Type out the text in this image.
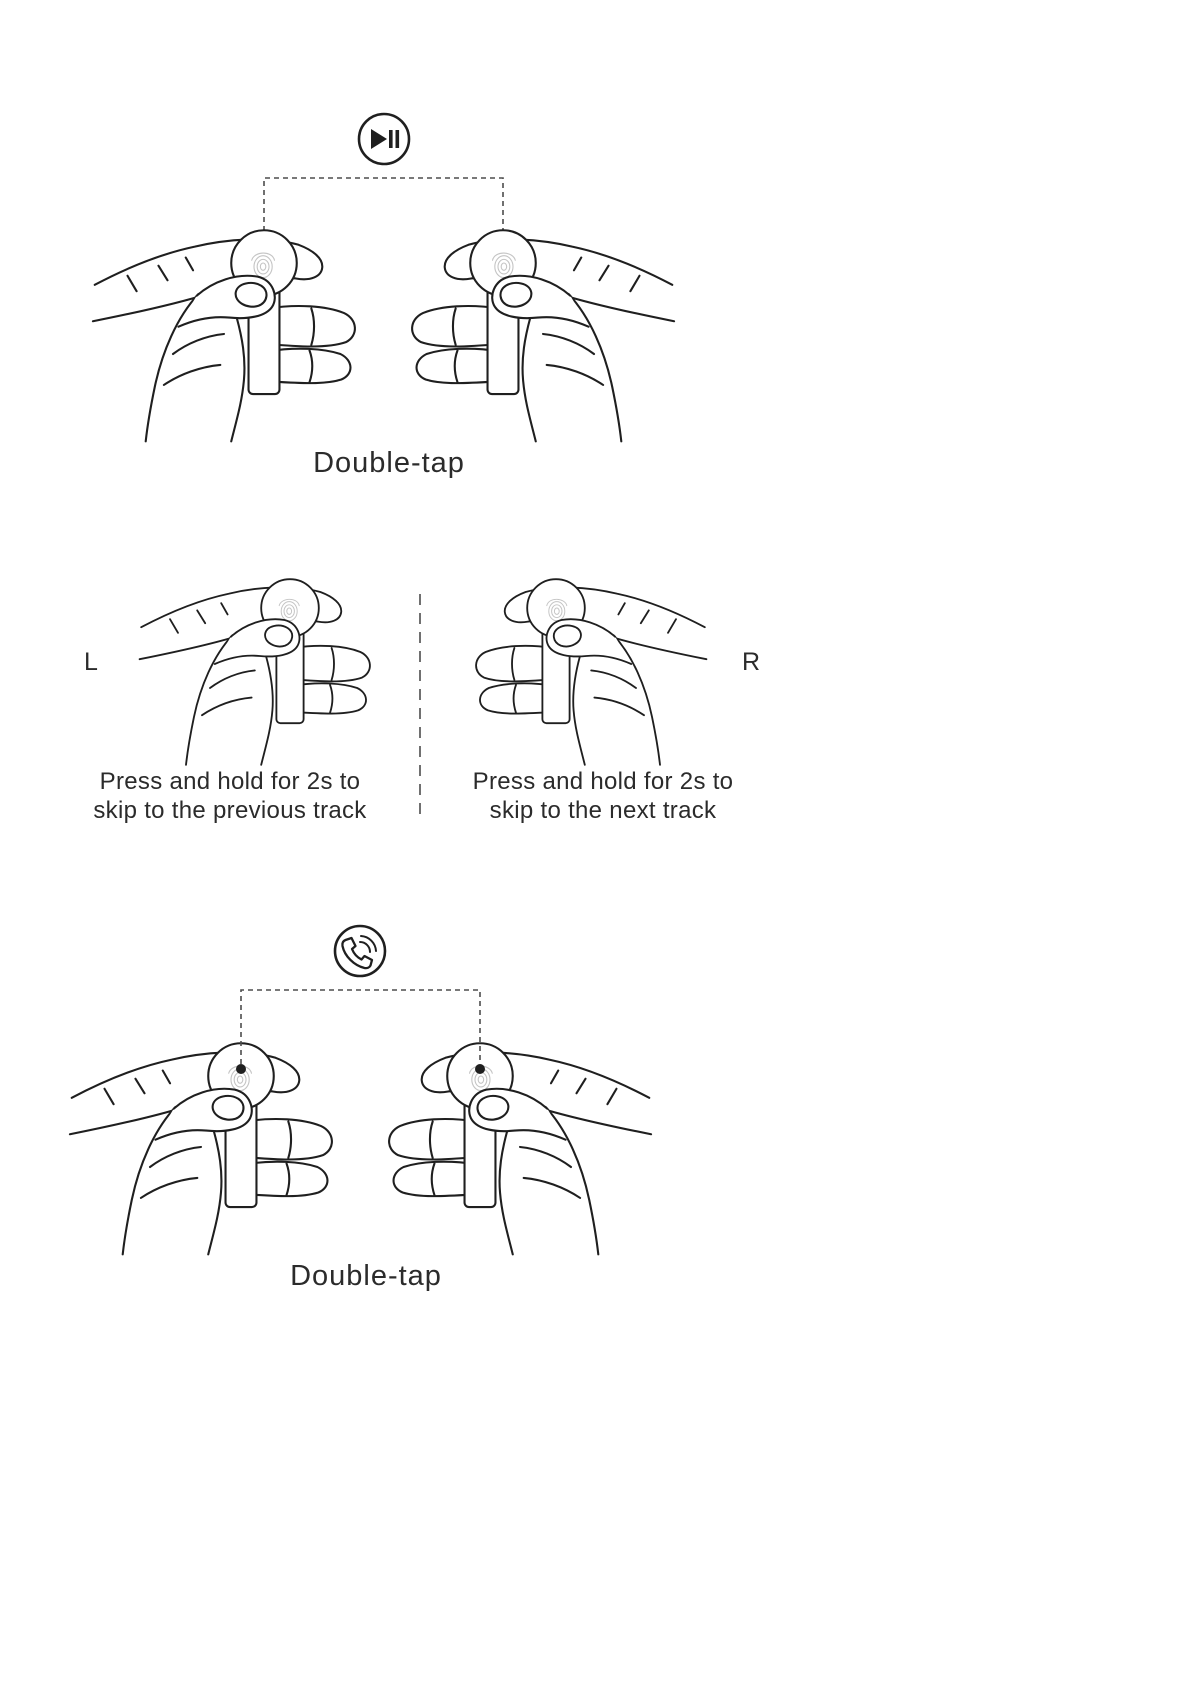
Double-tap
L	R
Press and hold for 2s to
skip to the previous track
Press and hold for 2s to
skip to the next track
Double-tap
